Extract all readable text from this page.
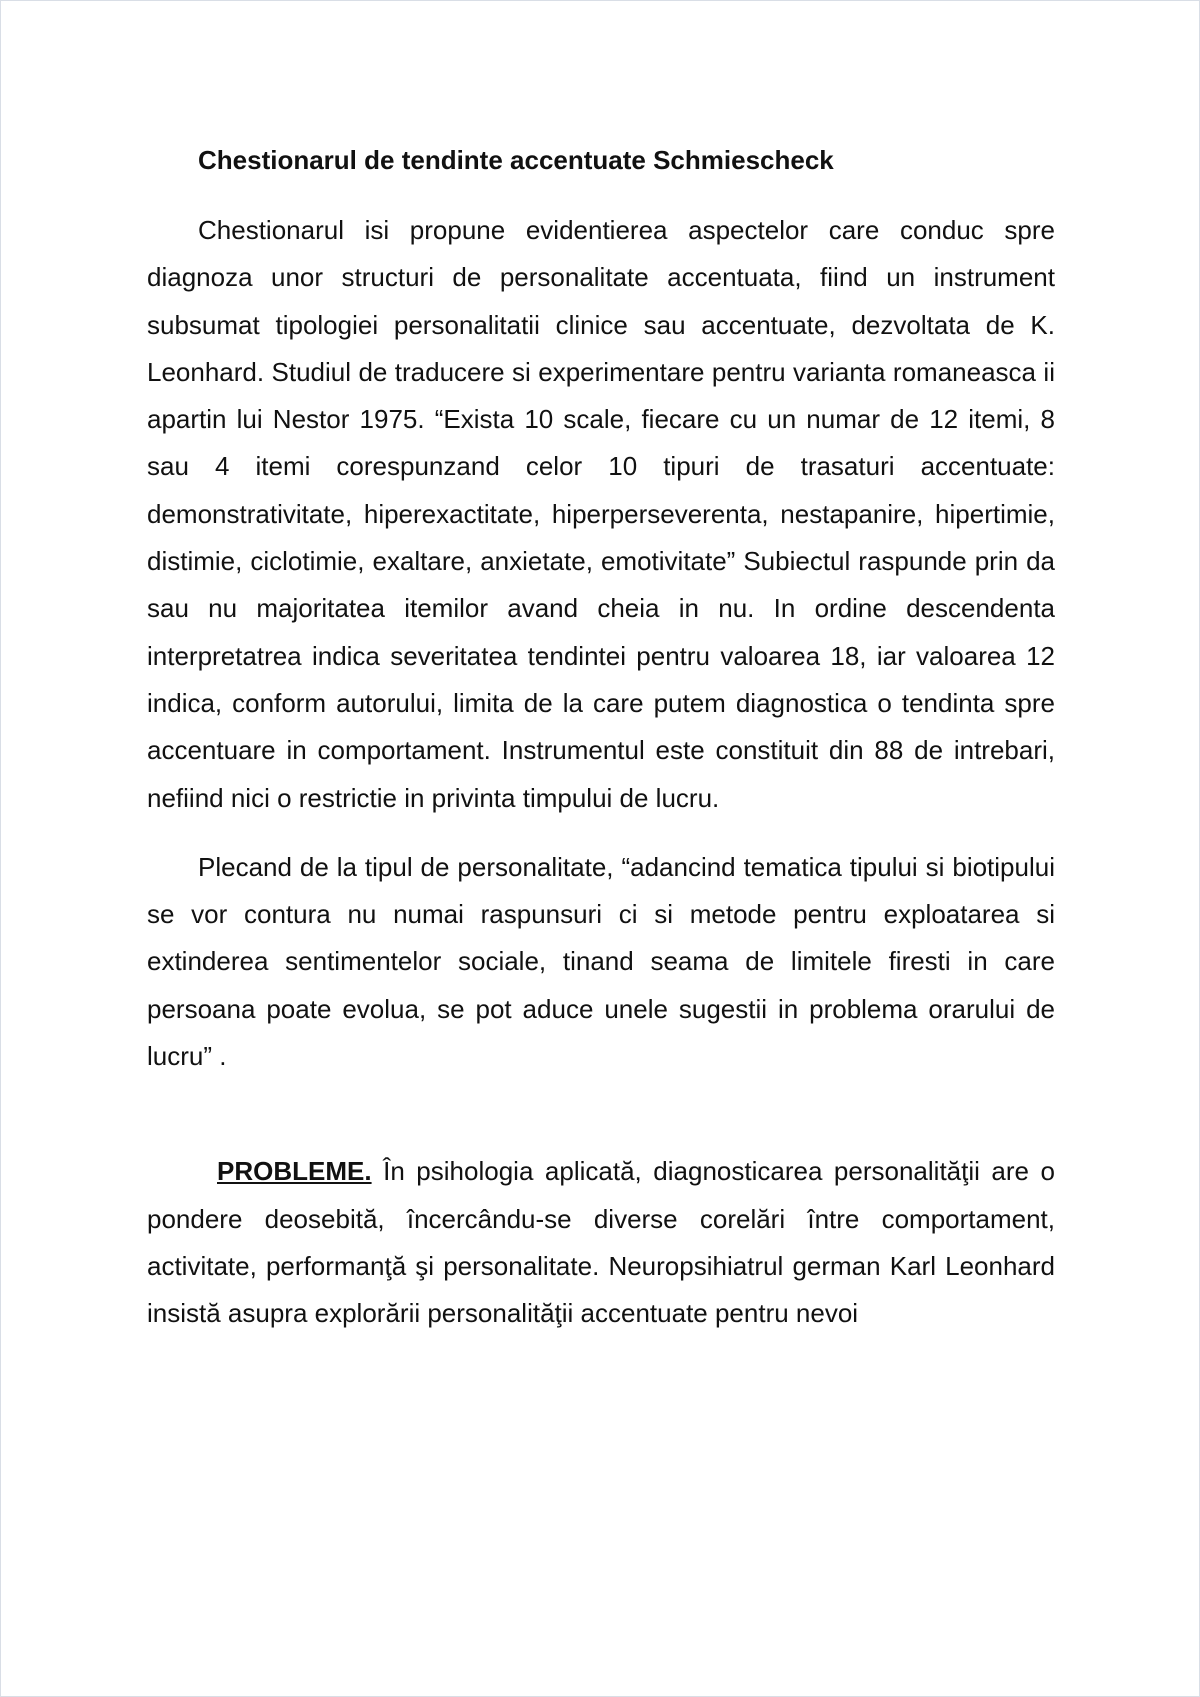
Chestionarul de tendinte accentuate Schmiescheck

Chestionarul isi propune evidentierea aspectelor care conduc spre diagnoza unor structuri de personalitate accentuata, fiind un instrument subsumat tipologiei personalitatii clinice sau accentuate, dezvoltata de K. Leonhard. Studiul de traducere si experimentare pentru varianta romaneasca ii apartin lui Nestor 1975. “Exista 10 scale, fiecare cu un numar de 12 itemi, 8 sau 4 itemi corespunzand celor 10 tipuri de trasaturi accentuate: demonstrativitate, hiperexactitate, hiperperseverenta, nestapanire, hipertimie, distimie, ciclotimie, exaltare, anxietate, emotivitate” Subiectul raspunde prin da sau nu majoritatea itemilor avand cheia in nu. In ordine descendenta interpretatrea indica severitatea tendintei pentru valoarea 18, iar valoarea 12 indica, conform autorului, limita de la care putem diagnostica o tendinta spre accentuare in comportament. Instrumentul este constituit din 88 de intrebari, nefiind nici o restrictie in privinta timpului de lucru.

Plecand de la tipul de personalitate, “adancind tematica tipului si biotipului se vor contura nu numai raspunsuri ci si metode pentru exploatarea si extinderea sentimentelor sociale, tinand seama de limitele firesti in care persoana poate evolua, se pot aduce unele sugestii in problema orarului de lucru” .

PROBLEME. În psihologia aplicată, diagnosticarea personalităţii are o pondere deosebită, încercându-se diverse corelări între comportament, activitate, performanţă şi personalitate. Neuropsihiatrul german Karl Leonhard insistă asupra explorării personalităţii accentuate pentru nevoi
